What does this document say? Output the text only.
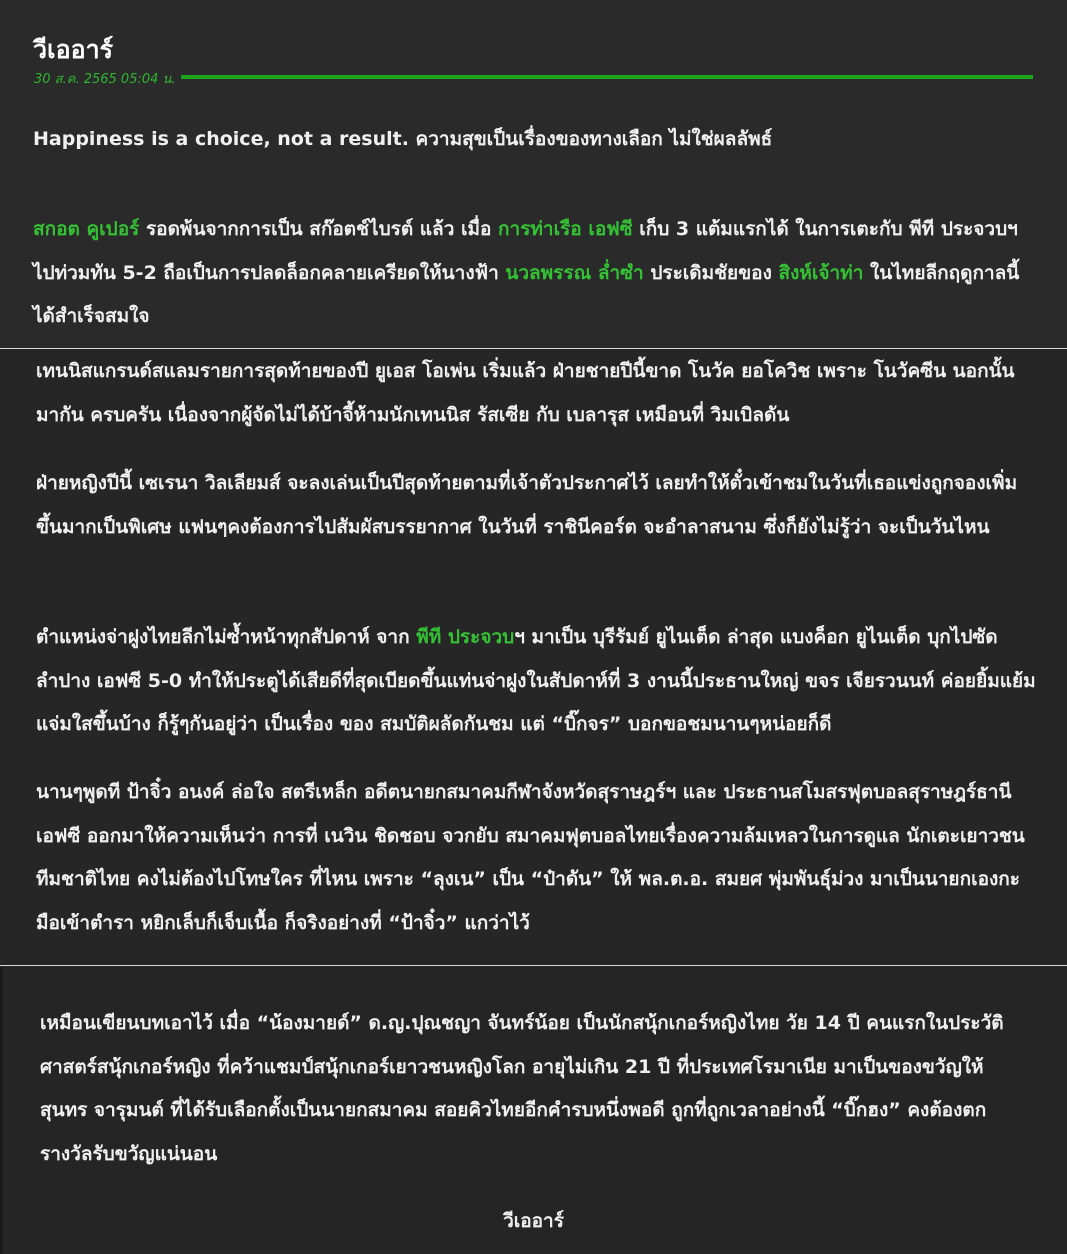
วีเออาร์
30 ส.ค. 2565 05:04 น.

Happiness is a choice, not a result. ความสุขเป็นเรื่องของทางเลือก ไม่ใช่ผลลัพธ์

สกอต คูเปอร์ รอดพ้นจากการเป็น สก๊อตช์ไบรต์ แล้ว เมื่อ การท่าเรือ เอฟซี เก็บ 3 แต้มแรกได้ ในการเตะกับ พีที ประจวบฯ ไปท่วมทัน 5-2 ถือเป็นการปลดล็อกคลายเครียดให้นางฟ้า นวลพรรณ ล่ำซำ ประเดิมชัยของ สิงห์เจ้าท่า ในไทยลีกฤดูกาลนี้ได้สำเร็จสมใจ

เทนนิสแกรนด์สแลมรายการสุดท้ายของปี ยูเอส โอเพ่น เริ่มแล้ว ฝ่ายชายปีนี้ขาด โนวัค ยอโควิช เพราะ โนวัคซีน นอกนั้นมากัน ครบครัน เนื่องจากผู้จัดไม่ได้บ้าจี้ห้ามนักเทนนิส รัสเซีย กับ เบลารุส เหมือนที่ วิมเบิลดัน

ฝ่ายหญิงปีนี้ เซเรนา วิลเลียมส์ จะลงเล่นเป็นปีสุดท้ายตามที่เจ้าตัวประกาศไว้ เลยทำให้ตั๋วเข้าชมในวันที่เธอแข่งถูกจองเพิ่มขึ้นมากเป็นพิเศษ แฟนๆคงต้องการไปสัมผัสบรรยากาศ ในวันที่ ราชินีคอร์ต จะอำลาสนาม ซึ่งก็ยังไม่รู้ว่า จะเป็นวันไหน

ตำแหน่งจ่าฝูงไทยลีกไม่ซ้ำหน้าทุกสัปดาห์ จาก พีที ประจวบฯ มาเป็น บุรีรัมย์ ยูไนเต็ด ล่าสุด แบงค็อก ยูไนเต็ด บุกไปซัด ลำปาง เอฟซี 5-0 ทำให้ประตูได้เสียดีที่สุดเบียดขึ้นแท่นจ่าฝูงในสัปดาห์ที่ 3 งานนี้ประธานใหญ่ ขจร เจียรวนนท์ ค่อยยิ้มแย้มแจ่มใสขึ้นบ้าง ก็รู้ๆกันอยู่ว่า เป็นเรื่อง ของ สมบัติผลัดกันชม แต่ “บิ๊กจร” บอกขอชมนานๆหน่อยก็ดี

นานๆพูดที ป้าจิ๋ว อนงค์ ล่อใจ สตรีเหล็ก อดีตนายกสมาคมกีฬาจังหวัดสุราษฎร์ฯ และ ประธานสโมสรฟุตบอลสุราษฎร์ธานี เอฟซี ออกมาให้ความเห็นว่า การที่ เนวิน ชิดชอบ จวกยับ สมาคมฟุตบอลไทยเรื่องความล้มเหลวในการดูแล นักเตะเยาวชนทีมชาติไทย คงไม่ต้องไปโทษใคร ที่ไหน เพราะ “ลุงเน” เป็น “ป๋าดัน” ให้ พล.ต.อ. สมยศ พุ่มพันธุ์ม่วง มาเป็นนายกเองกะมือเข้าตำรา หยิกเล็บก็เจ็บเนื้อ ก็จริงอย่างที่ “ป้าจิ๋ว” แกว่าไว้

เหมือนเขียนบทเอาไว้ เมื่อ “น้องมายด์” ด.ญ.ปุณชญา จันทร์น้อย เป็นนักสนุ้กเกอร์หญิงไทย วัย 14 ปี คนแรกในประวัติศาสตร์สนุ้กเกอร์หญิง ที่คว้าแชมป์สนุ้กเกอร์เยาวชนหญิงโลก อายุไม่เกิน 21 ปี ที่ประเทศโรมาเนีย มาเป็นของขวัญให้ สุนทร จารุมนต์ ที่ได้รับเลือกตั้งเป็นนายกสมาคม สอยคิวไทยอีกคำรบหนึ่งพอดี ถูกที่ถูกเวลาอย่างนี้ “บิ๊กฮง” คงต้องตกรางวัลรับขวัญแน่นอน

วีเออาร์
